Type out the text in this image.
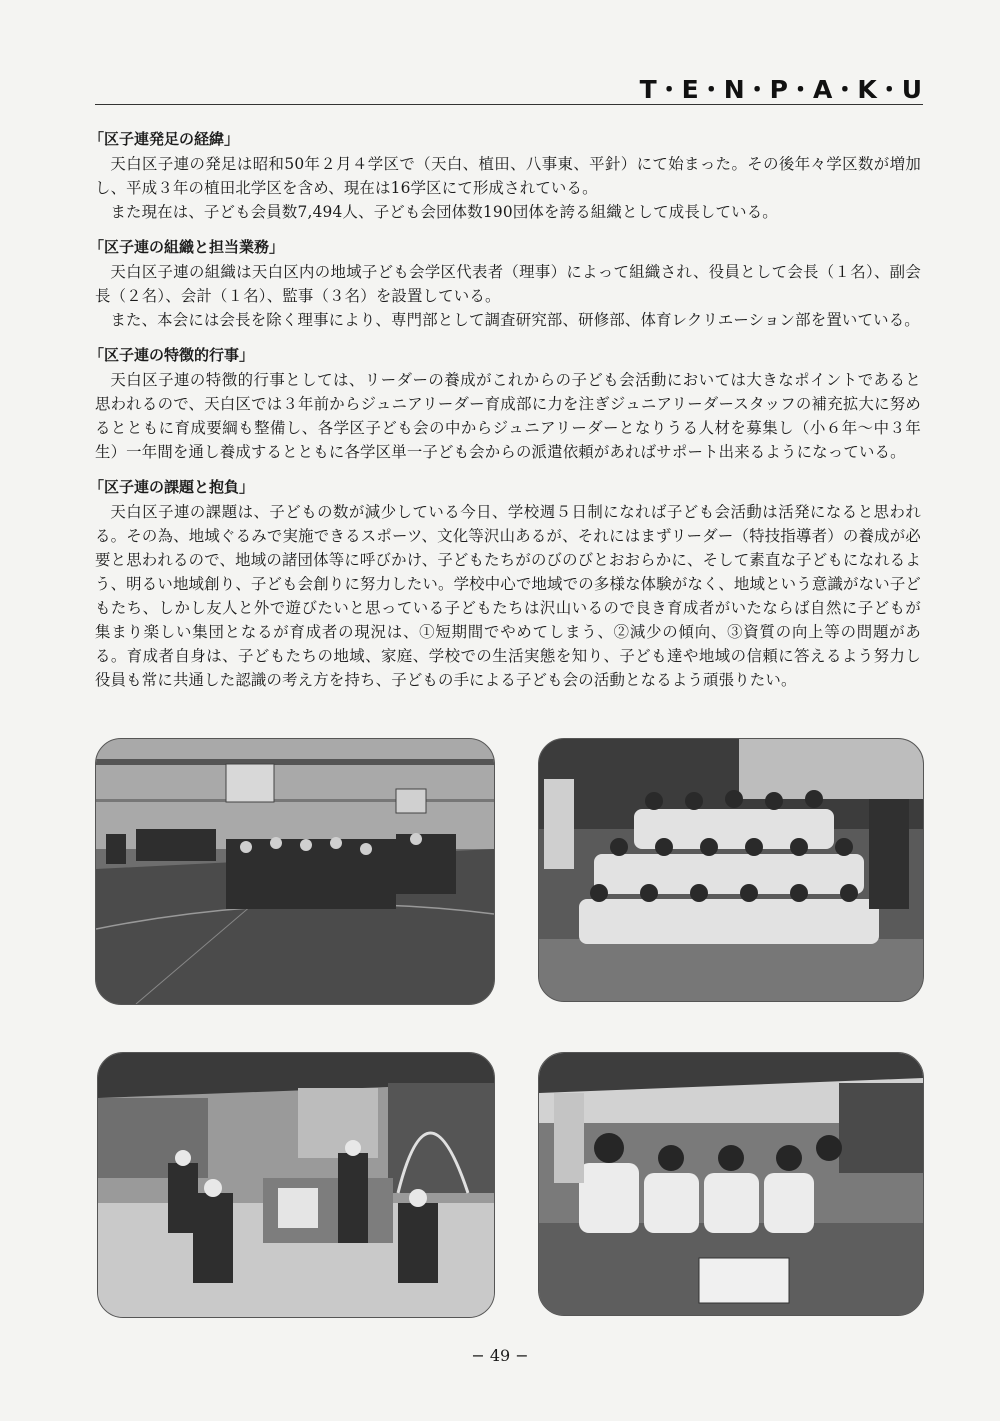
T・E・N・P・A・K・U
「区子連発足の経緯」

天白区子連の発足は昭和50年２月４学区で（天白、植田、八事東、平針）にて始まった。その後年々学区数が増加し、平成３年の植田北学区を含め、現在は16学区にて形成されている。

また現在は、子ども会員数7,494人、子ども会団体数190団体を誇る組織として成長している。

「区子連の組織と担当業務」

天白区子連の組織は天白区内の地域子ども会学区代表者（理事）によって組織され、役員として会長（１名）、副会長（２名）、会計（１名）、監事（３名）を設置している。

また、本会には会長を除く理事により、専門部として調査研究部、研修部、体育レクリエーション部を置いている。

「区子連の特徴的行事」

天白区子連の特徴的行事としては、リーダーの養成がこれからの子ども会活動においては大きなポイントであると思われるので、天白区では３年前からジュニアリーダー育成部に力を注ぎジュニアリーダースタッフの補充拡大に努めるとともに育成要綱も整備し、各学区子ども会の中からジュニアリーダーとなりうる人材を募集し（小６年〜中３年生）一年間を通し養成するとともに各学区単一子ども会からの派遣依頼があればサポート出来るようになっている。

「区子連の課題と抱負」

天白区子連の課題は、子どもの数が減少している今日、学校週５日制になれば子ども会活動は活発になると思われる。その為、地域ぐるみで実施できるスポーツ、文化等沢山あるが、それにはまずリーダー（特技指導者）の養成が必要と思われるので、地域の諸団体等に呼びかけ、子どもたちがのびのびとおおらかに、そして素直な子どもになれるよう、明るい地域創り、子ども会創りに努力したい。学校中心で地域での多様な体験がなく、地域という意識がない子どもたち、しかし友人と外で遊びたいと思っている子どもたちは沢山いるので良き育成者がいたならば自然に子どもが集まり楽しい集団となるが育成者の現況は、①短期間でやめてしまう、②減少の傾向、③資質の向上等の問題がある。育成者自身は、子どもたちの地域、家庭、学校での生活実態を知り、子ども達や地域の信頼に答えるよう努力し役員も常に共通した認識の考え方を持ち、子どもの手による子ども会の活動となるよう頑張りたい。

− 49 −
